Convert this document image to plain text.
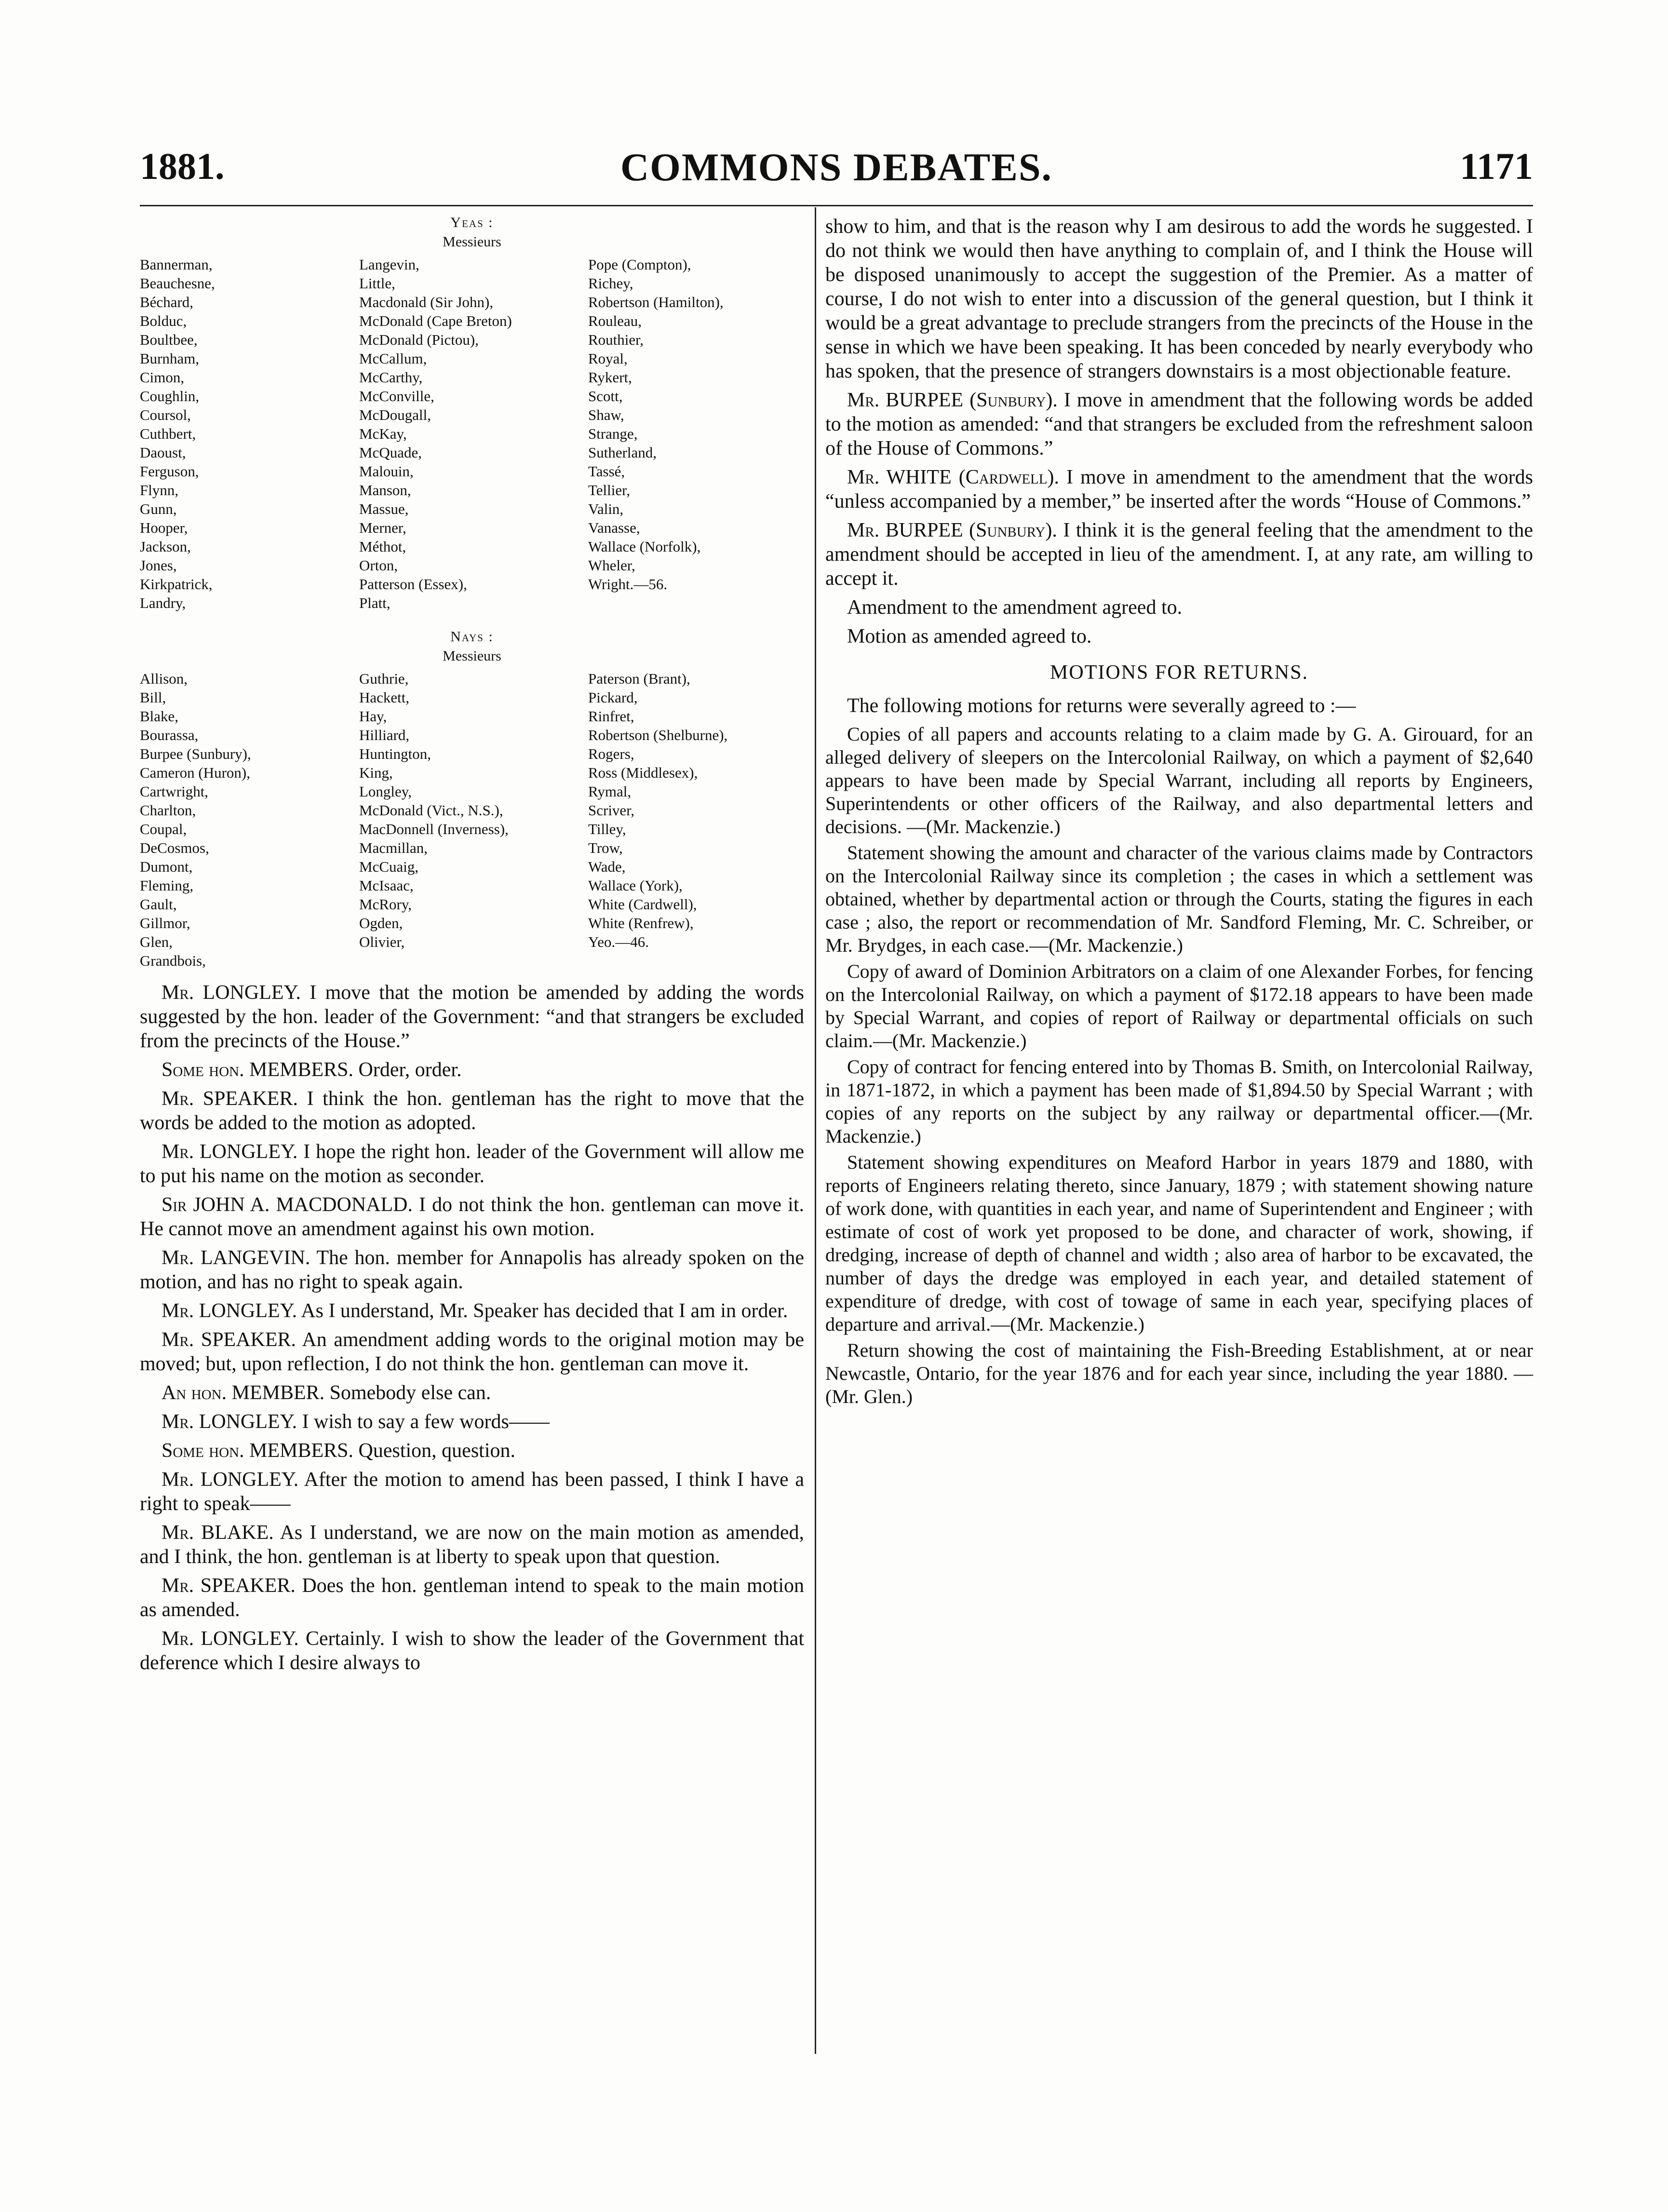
1881.	COMMONS DEBATES.	1171
Yeas :
Messieurs
Bannerman,
Beauchesne,
Béchard,
Bolduc,
Boultbee,
Burnham,
Cimon,
Coughlin,
Coursol,
Cuthbert,
Daoust,
Ferguson,
Flynn,
Gunn,
Hooper,
Jackson,
Jones,
Kirkpatrick,
Landry,
Langevin,
Little,
Macdonald (Sir John),
McDonald (Cape Breton)
McDonald (Pictou),
McCallum,
McCarthy,
McConville,
McDougall,
McKay,
McQuade,
Malouin,
Manson,
Massue,
Merner,
Méthot,
Orton,
Patterson (Essex),
Platt,
Pope (Compton),
Richey,
Robertson (Hamilton),
Rouleau,
Routhier,
Royal,
Rykert,
Scott,
Shaw,
Strange,
Sutherland,
Tassé,
Tellier,
Valin,
Vanasse,
Wallace (Norfolk),
Wheler,
Wright.—56.

Nays :
Messieurs
Allison,
Bill,
Blake,
Bourassa,
Burpee (Sunbury),
Cameron (Huron),
Cartwright,
Charlton,
Coupal,
DeCosmos,
Dumont,
Fleming,
Gault,
Gillmor,
Glen,
Grandbois,
Guthrie,
Hackett,
Hay,
Hilliard,
Huntington,
King,
Longley,
McDonald (Vict., N.S.),
MacDonnell (Inverness),
Macmillan,
McCuaig,
McIsaac,
McRory,
Ogden,
Olivier,

Paterson (Brant),
Pickard,
Rinfret,
Robertson (Shelburne),
Rogers,
Ross (Middlesex),
Rymal,
Scriver,
Tilley,
Trow,
Wade,
Wallace (York),
White (Cardwell),
White (Renfrew),
Yeo.—46.

Mr. LONGLEY. I move that the motion be amended by adding the words suggested by the hon. leader of the Government: “and that strangers be excluded from the precincts of the House.”

Some hon. MEMBERS. Order, order.

Mr. SPEAKER. I think the hon. gentleman has the right to move that the words be added to the motion as adopted.

Mr. LONGLEY. I hope the right hon. leader of the Government will allow me to put his name on the motion as seconder.

Sir JOHN A. MACDONALD. I do not think the hon. gentleman can move it. He cannot move an amendment against his own motion.

Mr. LANGEVIN. The hon. member for Annapolis has already spoken on the motion, and has no right to speak again.

Mr. LONGLEY. As I understand, Mr. Speaker has decided that I am in order.

Mr. SPEAKER. An amendment adding words to the original motion may be moved; but, upon reflection, I do not think the hon. gentleman can move it.

An hon. MEMBER. Somebody else can.

Mr. LONGLEY. I wish to say a few words——

Some hon. MEMBERS. Question, question.

Mr. LONGLEY. After the motion to amend has been passed, I think I have a right to speak——

Mr. BLAKE. As I understand, we are now on the main motion as amended, and I think, the hon. gentleman is at liberty to speak upon that question.

Mr. SPEAKER. Does the hon. gentleman intend to speak to the main motion as amended.

Mr. LONGLEY. Certainly. I wish to show the leader of the Government that deference which I desire always to

show to him, and that is the reason why I am desirous to add the words he suggested. I do not think we would then have anything to complain of, and I think the House will be disposed unanimously to accept the suggestion of the Premier. As a matter of course, I do not wish to enter into a discussion of the general question, but I think it would be a great advantage to preclude strangers from the precincts of the House in the sense in which we have been speaking. It has been conceded by nearly everybody who has spoken, that the presence of strangers downstairs is a most objectionable feature.

Mr. BURPEE (Sunbury). I move in amendment that the following words be added to the motion as amended: “and that strangers be excluded from the refreshment saloon of the House of Commons.”

Mr. WHITE (Cardwell). I move in amendment to the amendment that the words “unless accompanied by a member,” be inserted after the words “House of Commons.”

Mr. BURPEE (Sunbury). I think it is the general feeling that the amendment to the amendment should be accepted in lieu of the amendment. I, at any rate, am willing to accept it.

Amendment to the amendment agreed to.

Motion as amended agreed to.

MOTIONS FOR RETURNS.

The following motions for returns were severally agreed to :—

Copies of all papers and accounts relating to a claim made by G. A. Girouard, for an alleged delivery of sleepers on the Intercolonial Railway, on which a payment of $2,640 appears to have been made by Special Warrant, including all reports by Engineers, Superintendents or other officers of the Railway, and also departmental letters and decisions. —(Mr. Mackenzie.)

Statement showing the amount and character of the various claims made by Contractors on the Intercolonial Railway since its completion ; the cases in which a settlement was obtained, whether by departmental action or through the Courts, stating the figures in each case ; also, the report or recommendation of Mr. Sandford Fleming, Mr. C. Schreiber, or Mr. Brydges, in each case.—(Mr. Mackenzie.)

Copy of award of Dominion Arbitrators on a claim of one Alexander Forbes, for fencing on the Intercolonial Railway, on which a payment of $172.18 appears to have been made by Special Warrant, and copies of report of Railway or departmental officials on such claim.—(Mr. Mackenzie.)

Copy of contract for fencing entered into by Thomas B. Smith, on Intercolonial Railway, in 1871-1872, in which a payment has been made of $1,894.50 by Special Warrant ; with copies of any reports on the subject by any railway or departmental officer.—(Mr. Mackenzie.)

Statement showing expenditures on Meaford Harbor in years 1879 and 1880, with reports of Engineers relating thereto, since January, 1879 ; with statement showing nature of work done, with quantities in each year, and name of Superintendent and Engineer ; with estimate of cost of work yet proposed to be done, and character of work, showing, if dredging, increase of depth of channel and width ; also area of harbor to be excavated, the number of days the dredge was employed in each year, and detailed statement of expenditure of dredge, with cost of towage of same in each year, specifying places of departure and arrival.—(Mr. Mackenzie.)

Return showing the cost of maintaining the Fish-Breeding Establishment, at or near Newcastle, Ontario, for the year 1876 and for each year since, including the year 1880. —(Mr. Glen.)
